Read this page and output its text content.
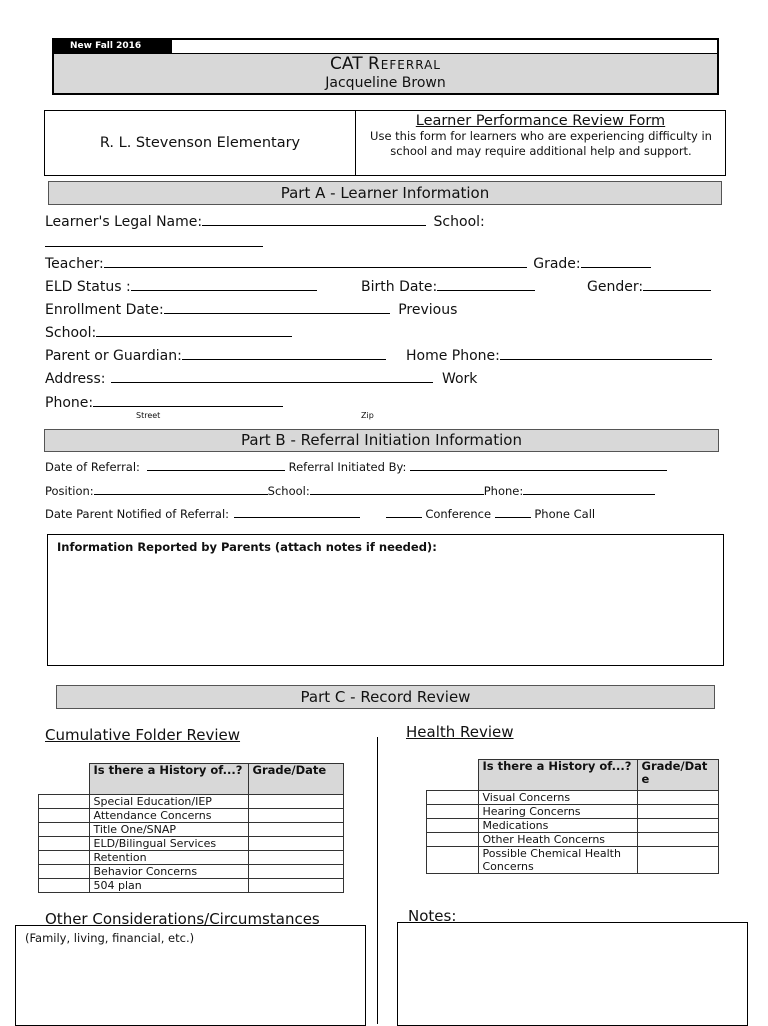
New Fall 2016
CAT Referral
Jacqueline Brown
R. L. Stevenson Elementary
Learner Performance Review Form
Use this form for learners who are experiencing difficulty in school and may require additional help and support.
Part A - Learner Information
Learner's Legal Name:	School:
Teacher:	Grade:
ELD Status :	Birth Date:	Gender:
Enrollment Date:	Previous
School:
Parent or Guardian:	Home Phone:
Address:	Work
Phone:
Street	Zip
Part B - Referral Initiation Information
Date of Referral:	Referral Initiated By:
Position:	School:	Phone:
Date Parent Notified of Referral:	Conference	Phone Call
Information Reported by Parents (attach notes if needed):
Part C - Record Review
Cumulative Folder Review	Health Review
	Is there a History of...?	Grade/Date
	Special Education/IEP	
	Attendance Concerns	
	Title One/SNAP	
	ELD/Bilingual Services	
	Retention	
	Behavior Concerns	
	504 plan	
	Is there a History of...?	Grade/Date
	Visual Concerns	
	Hearing Concerns	
	Medications	
	Other Heath Concerns	
	Possible Chemical Health Concerns	
Other Considerations/Circumstances
(Family, living, financial, etc.)
Notes:
